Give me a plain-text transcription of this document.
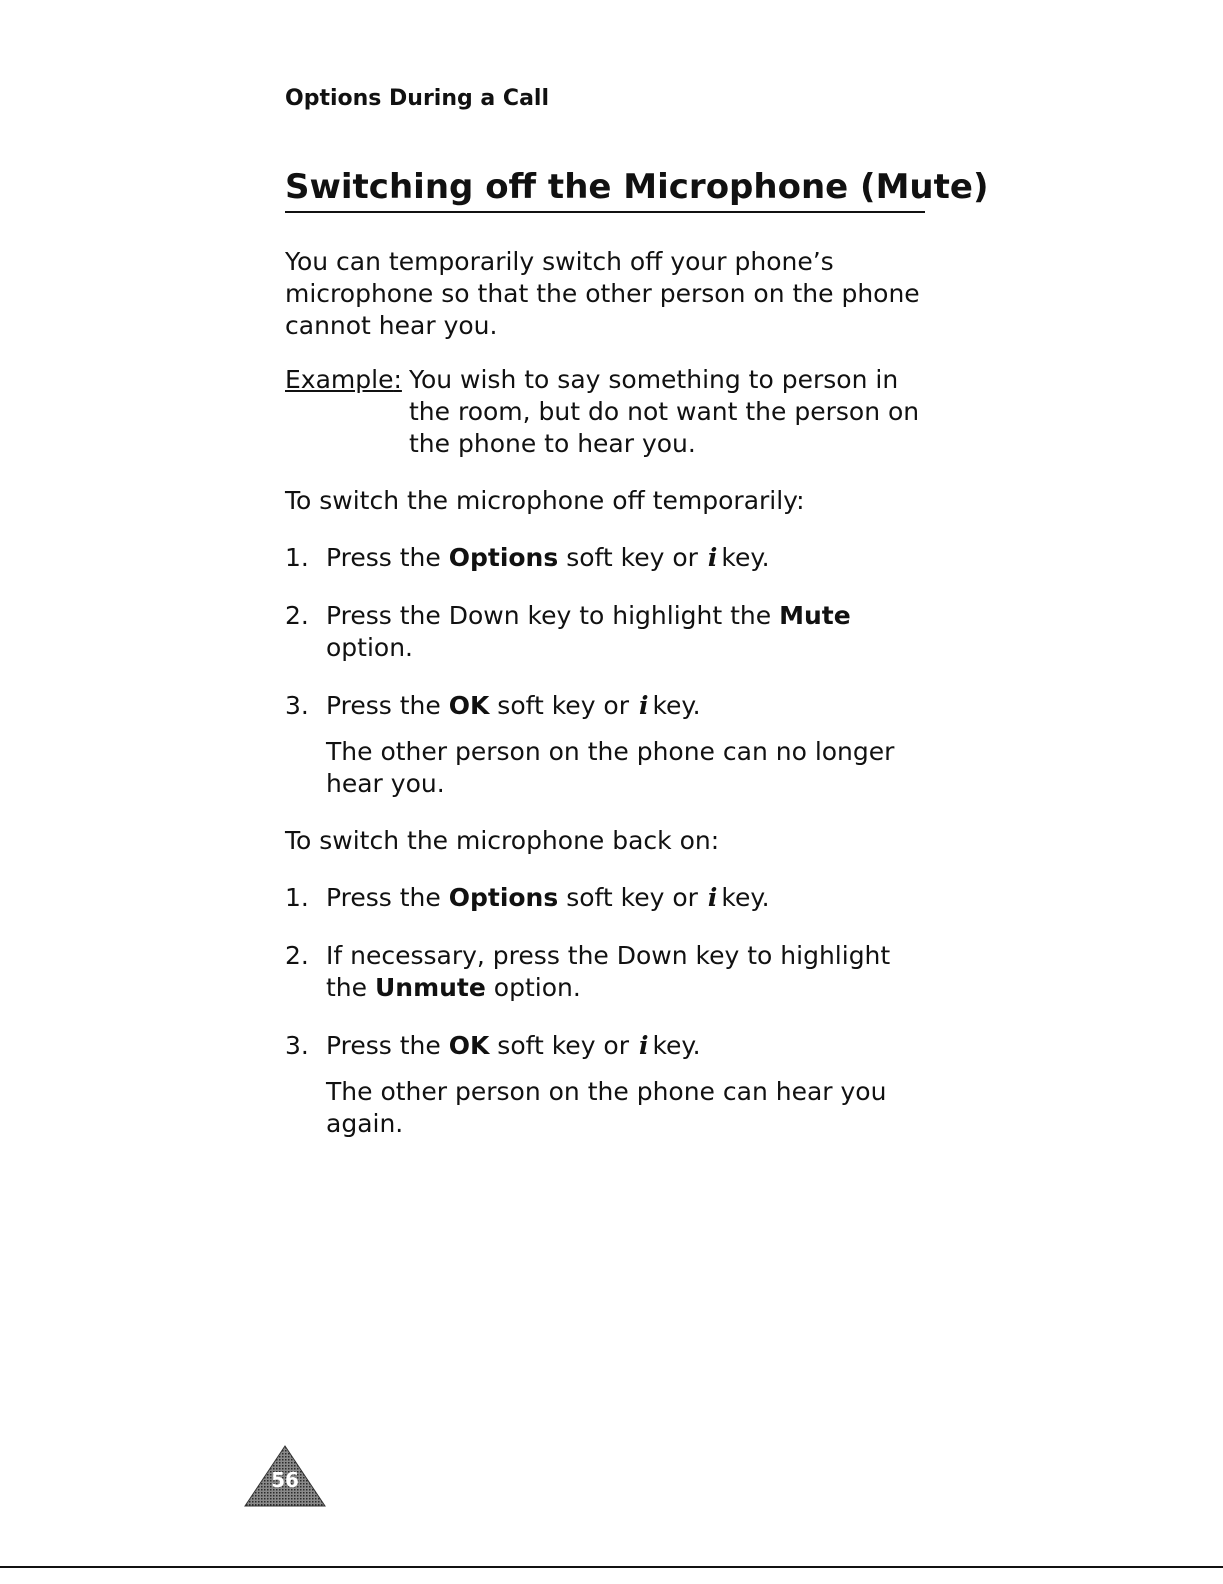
Options During a Call
Switching off the Microphone (Mute)

You can temporarily switch off your phone’s microphone so that the other person on the phone cannot hear you.

Example: You wish to say something to person in the room, but do not want the person on the phone to hear you.

To switch the microphone off temporarily:

1. Press the Options soft key or i key.
2. Press the Down key to highlight the Mute option.
3. Press the OK soft key or i key.

The other person on the phone can no longer hear you.

To switch the microphone back on:

1. Press the Options soft key or i key.
2. If necessary, press the Down key to highlight the Unmute option.
3. Press the OK soft key or i key.

The other person on the phone can hear you again.

56
